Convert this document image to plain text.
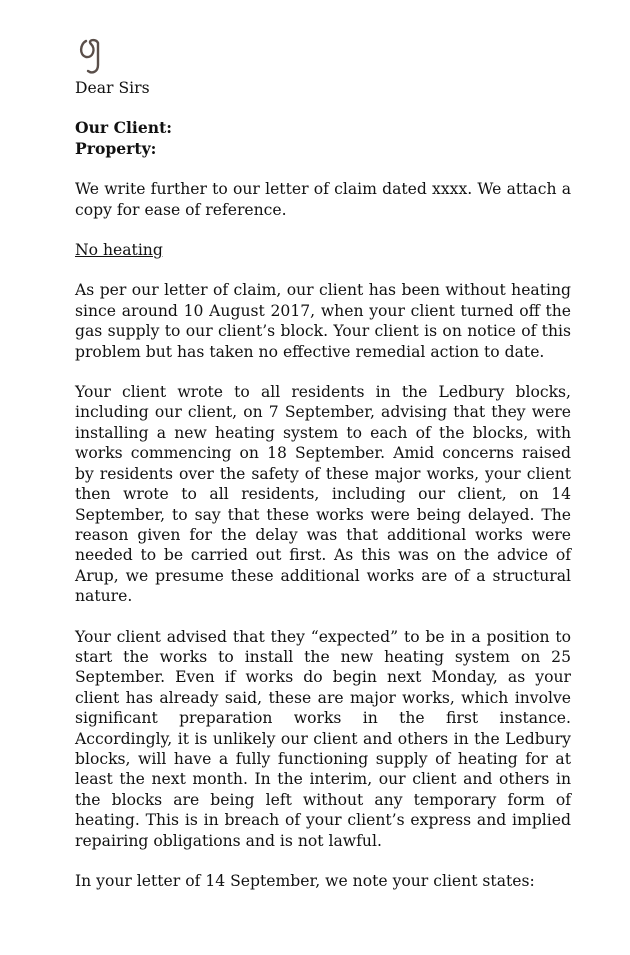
Dear Sirs

Our Client:
Property:

We write further to our letter of claim dated xxxx. We attach a copy for ease of reference.

No heating

As per our letter of claim, our client has been without heating since around 10 August 2017, when your client turned off the gas supply to our client’s block. Your client is on notice of this problem but has taken no effective remedial action to date.

Your client wrote to all residents in the Ledbury blocks, including our client, on 7 September, advising that they were installing a new heating system to each of the blocks, with works commencing on 18 September. Amid concerns raised by residents over the safety of these major works, your client then wrote to all residents, including our client, on 14 September, to say that these works were being delayed. The reason given for the delay was that additional works were needed to be carried out first. As this was on the advice of Arup, we presume these additional works are of a structural nature.

Your client advised that they “expected” to be in a position to start the works to install the new heating system on 25 September. Even if works do begin next Monday, as your client has already said, these are major works, which involve significant preparation works in the first instance. Accordingly, it is unlikely our client and others in the Ledbury blocks, will have a fully functioning supply of heating for at least the next month. In the interim, our client and others in the blocks are being left without any temporary form of heating. This is in breach of your client’s express and implied repairing obligations and is not lawful.

In your letter of 14 September, we note your client states:
